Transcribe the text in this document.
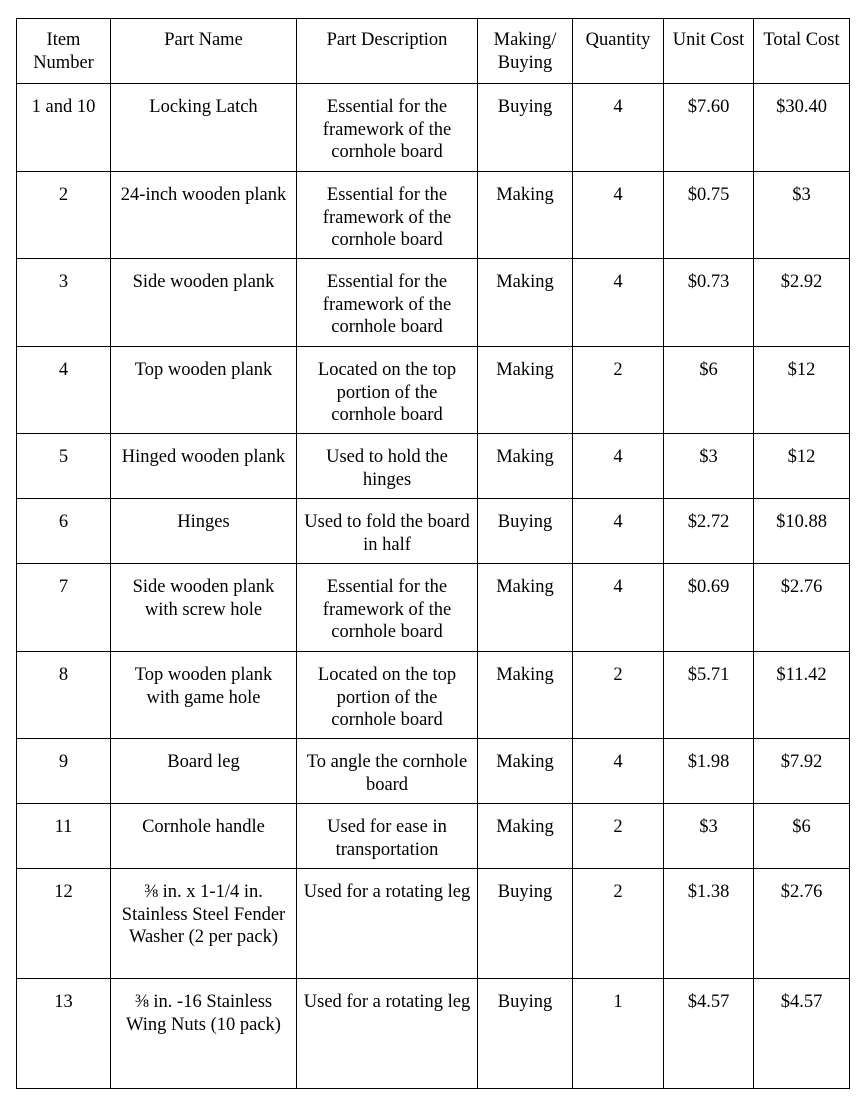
Item Number	Part Name	Part Description	Making/ Buying	Quantity	Unit Cost	Total Cost
1 and 10	Locking Latch	Essential for the framework of the cornhole board	Buying	4	$7.60	$30.40
2	24-inch wooden plank	Essential for the framework of the cornhole board	Making	4	$0.75	$3
3	Side wooden plank	Essential for the framework of the cornhole board	Making	4	$0.73	$2.92
4	Top wooden plank	Located on the top portion of the cornhole board	Making	2	$6	$12
5	Hinged wooden plank	Used to hold the hinges	Making	4	$3	$12
6	Hinges	Used to fold the board in half	Buying	4	$2.72	$10.88
7	Side wooden plank with screw hole	Essential for the framework of the cornhole board	Making	4	$0.69	$2.76
8	Top wooden plank with game hole	Located on the top portion of the cornhole board	Making	2	$5.71	$11.42
9	Board leg	To angle the cornhole board	Making	4	$1.98	$7.92
11	Cornhole handle	Used for ease in transportation	Making	2	$3	$6
12	⅜ in. x 1-1/4 in. Stainless Steel Fender Washer (2 per pack)	Used for a rotating leg	Buying	2	$1.38	$2.76
13	⅜ in. -16 Stainless Wing Nuts (10 pack)	Used for a rotating leg	Buying	1	$4.57	$4.57
